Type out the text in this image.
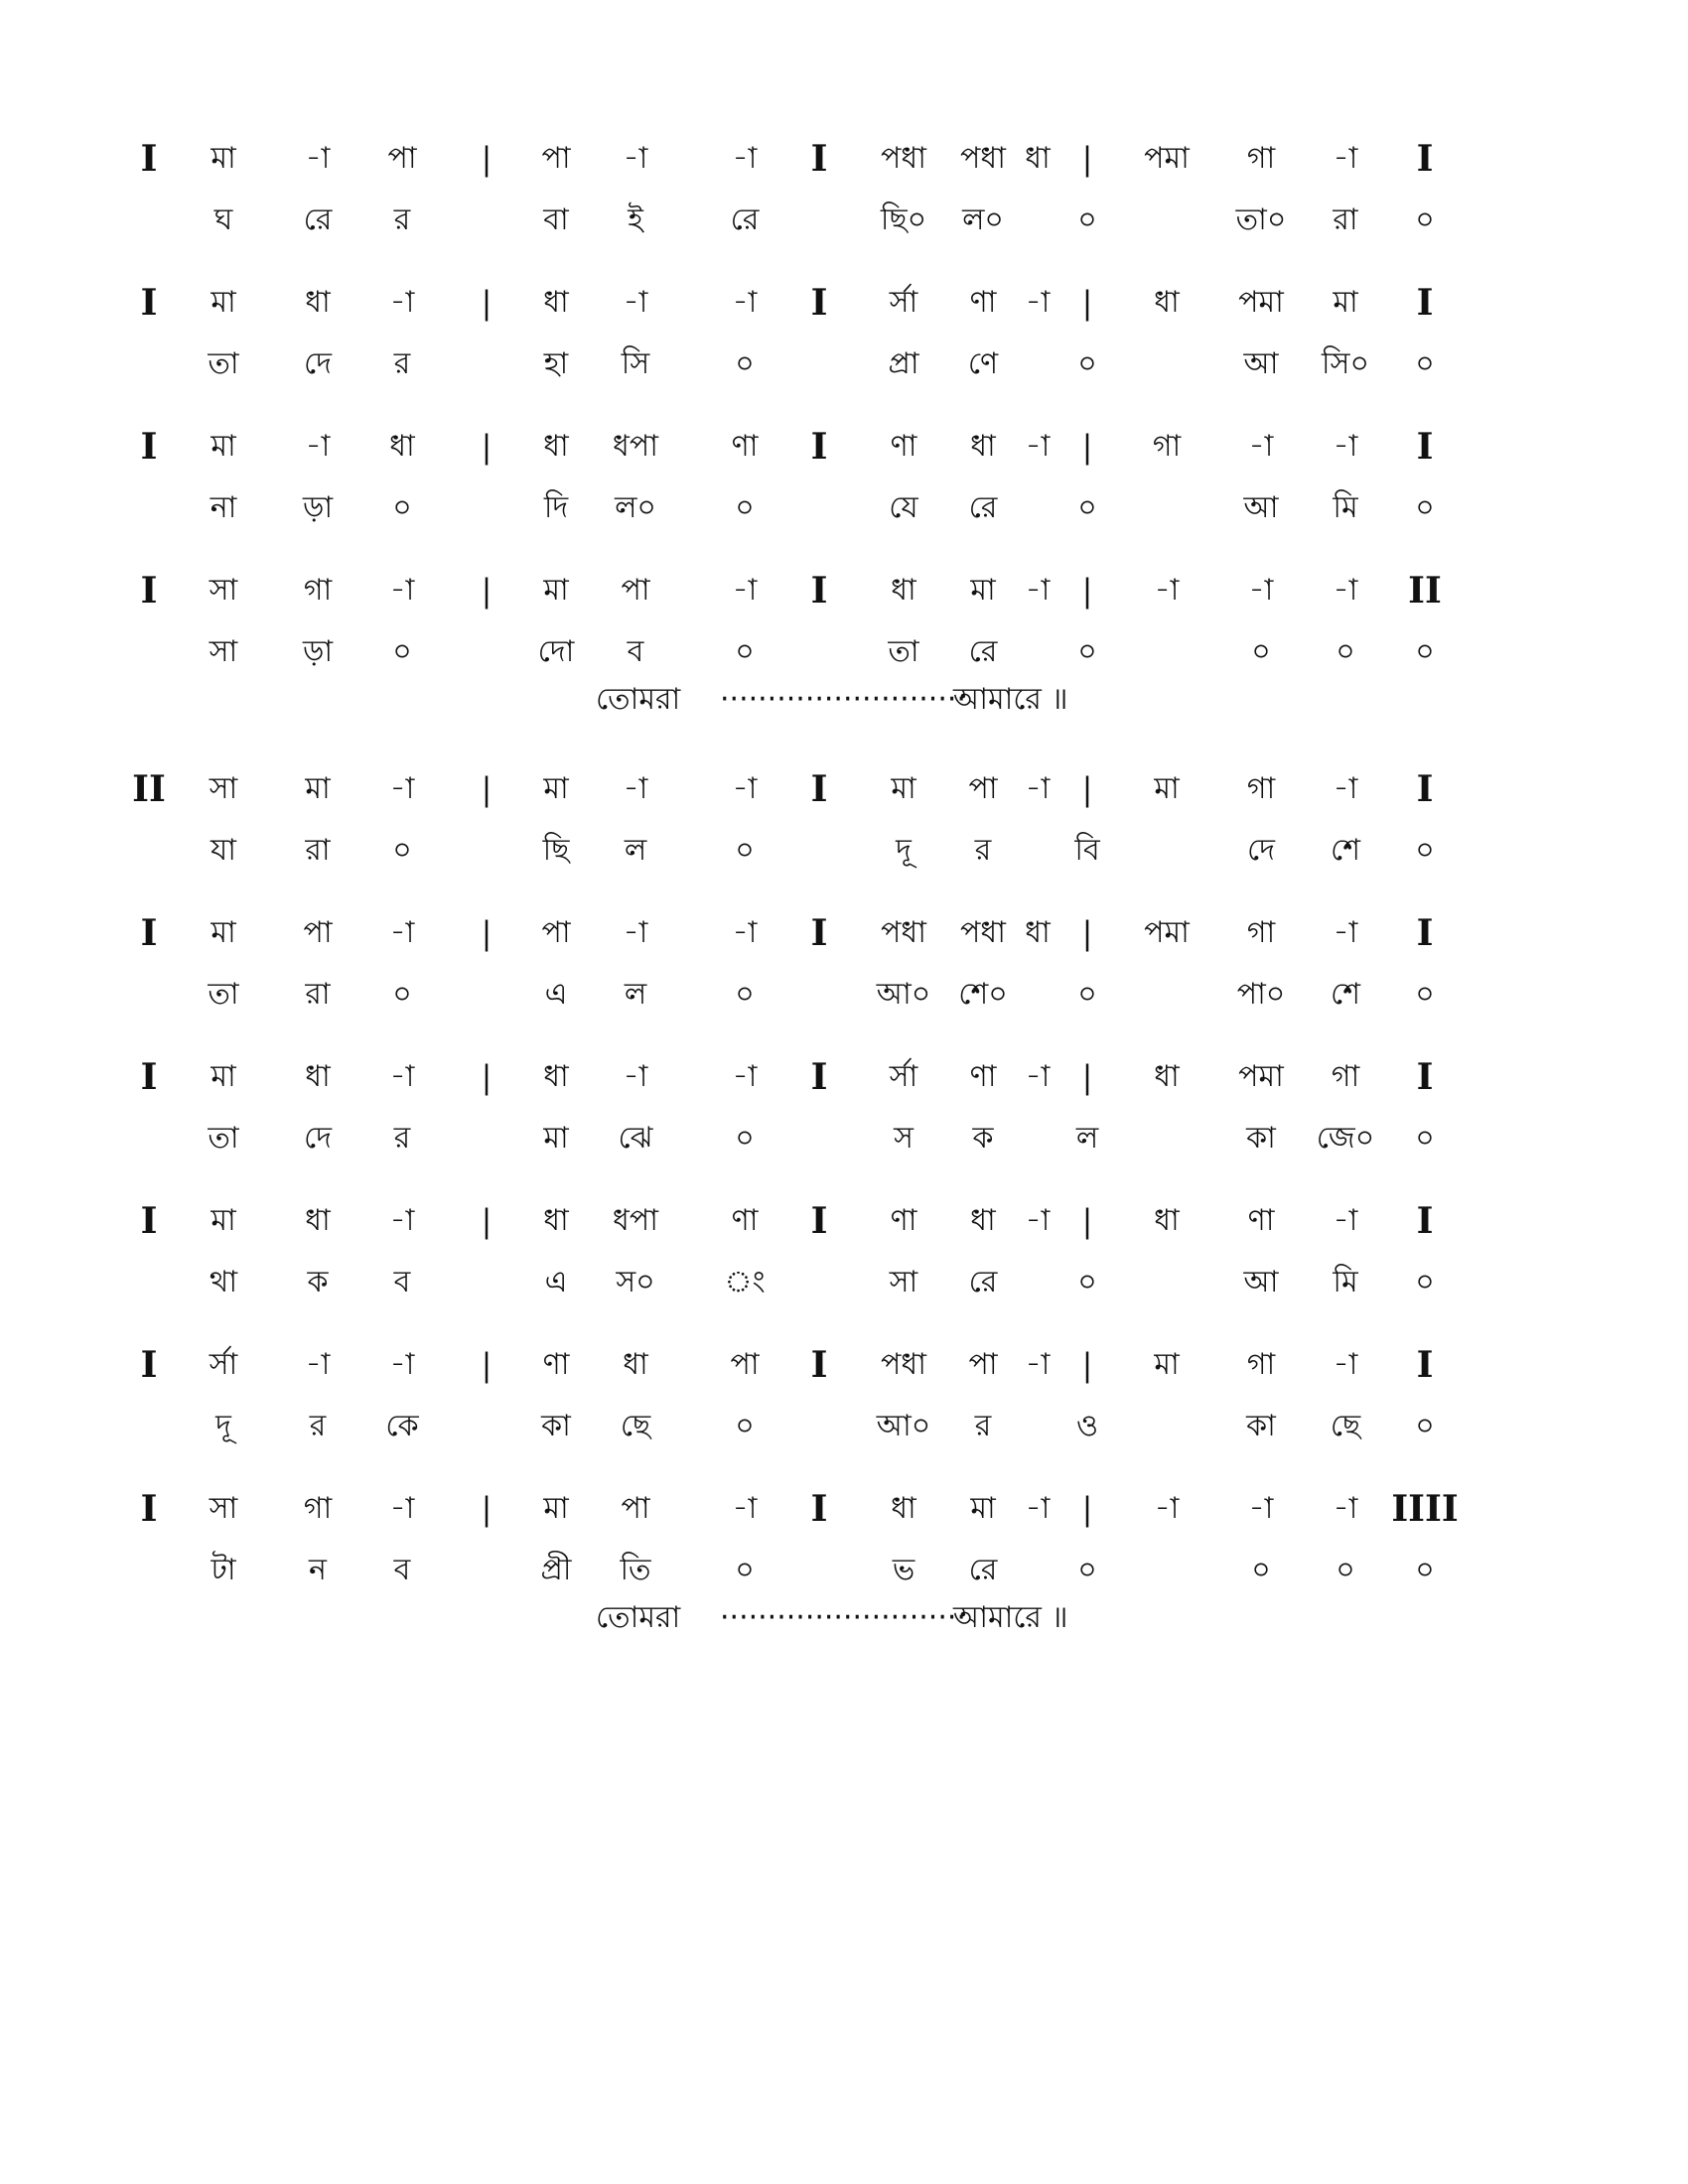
I মা -া পা | পা -া	-া I পধা পধা ধা | পমা গা -া I
ঘ রে র	বা ই	রে	ছি০ ল০ ০	তা০ রা ০
I মা ধা -া | ধা -া	-া I র্সা ণা -া | ধা পমা মা I
তা দে র	হা সি	০	প্রা ণে	০	আ সি০ ০
I মা -া ধা | ধা ধপা ণা I ণা ধা -া | গা -া -া I
না ড়া ০	দি ল০	০	যে রে	০	আ মি ০
I সা গা -া | মা পা	-া I ধা মা -া | -া -া -া II
সা ড়া ০	দো ব	০	তা রে	০	০ ০ ০
II সা মা -া | মা -া	-া I মা পা -া | মা গা -া I
যা রা ০	ছি ল	০	দূ র	বি	দে শে ০
I মা পা -া | পা -া	-া I পধা পধা ধা | পমা গা -া I
তা রা ০	এ ল	০	আ০ শে০ ০	পা০ শে ০
I মা ধা -া | ধা -া	-া I র্সা ণা -া | ধা পমা গা I
তা দে র	মা ঝে	০	স ক	ল	কা জে০ ০
I মা ধা -া | ধা ধপা ণা I ণা ধা -া | ধা ণা -া I
থা ক ব	এ স০ ং	সা রে	০	আ মি ০
I র্সা -া -া | ণা ধা	পা I পধা পা -া | মা গা -া I
দূ	র কে	কা ছে	০	আ০ র	ও	কা ছে ০
I সা গা -া | মা পা	-া I ধা মা -া | -া -া -া IIII
টা ন ব	প্রী তি	০	ভ রে	০	০ ০ ০
তোমরা ··························
আমারে ॥
তোমরা ··························
আমারে ॥
